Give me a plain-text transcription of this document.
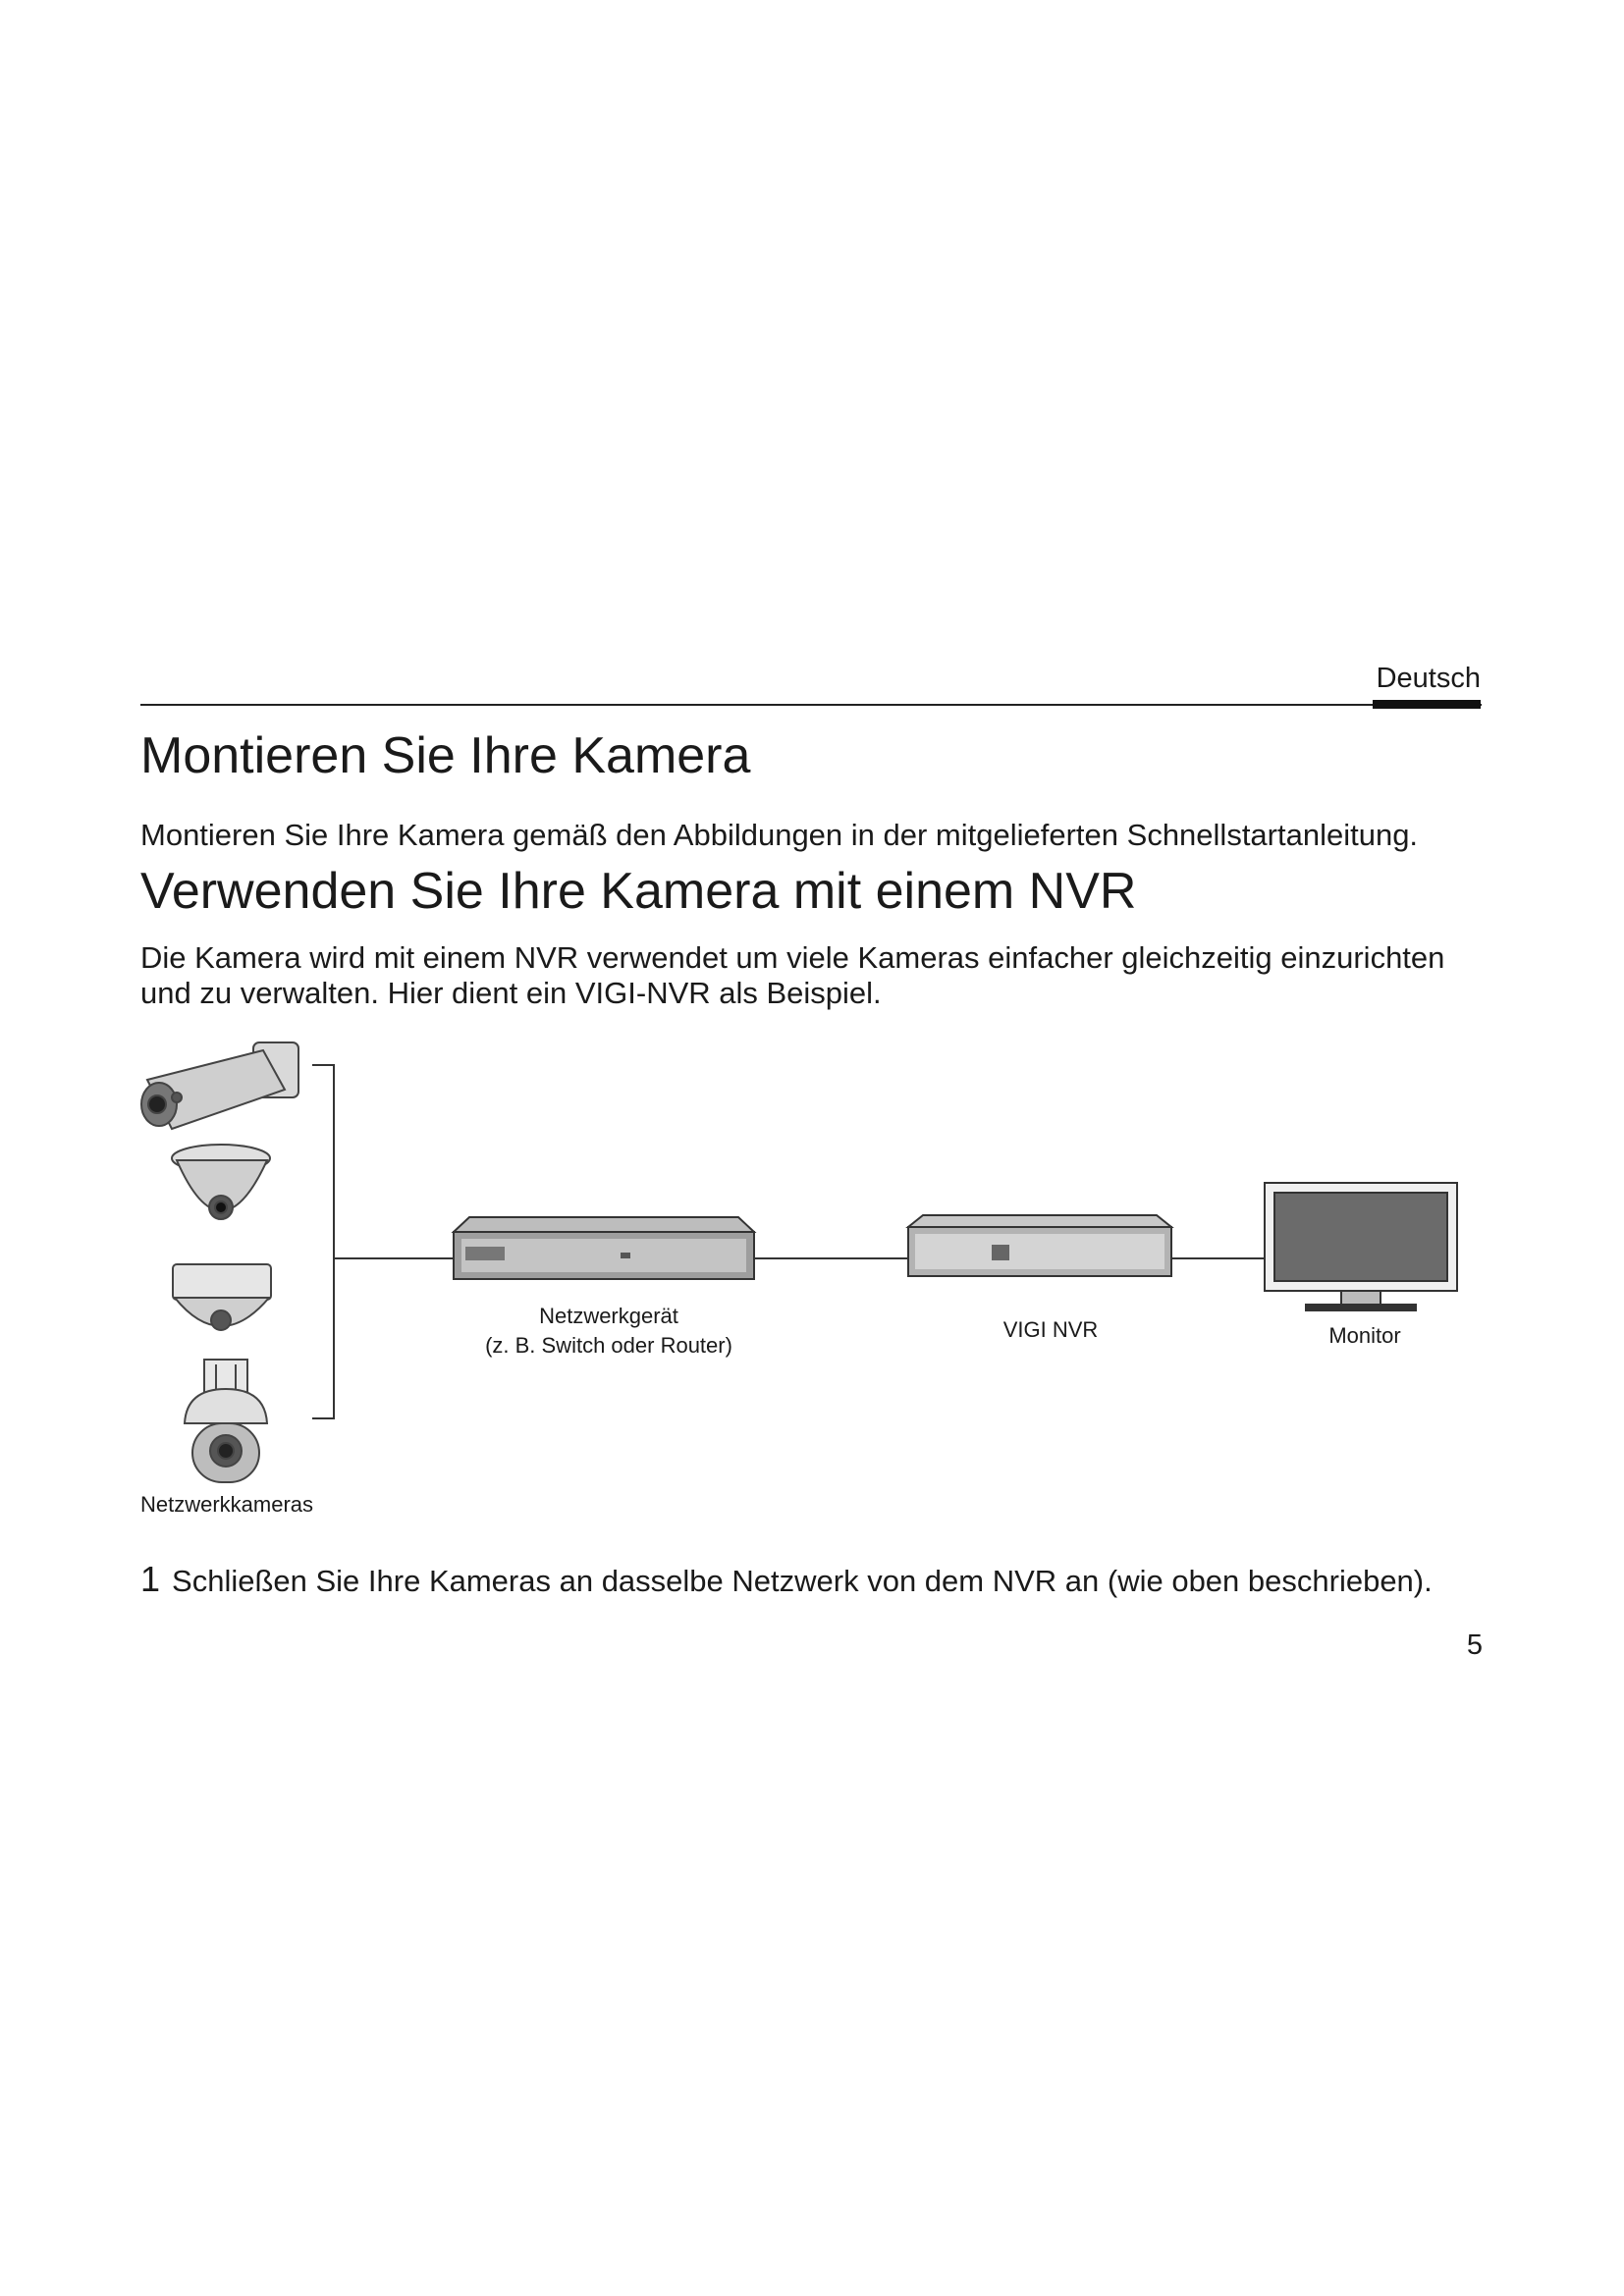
Deutsch
Montieren Sie Ihre Kamera

Montieren Sie Ihre Kamera gemäß den Abbildungen in der mitgelieferten Schnellstartanleitung.

Verwenden Sie Ihre Kamera mit einem NVR

Die Kamera wird mit einem NVR verwendet um viele Kameras einfacher gleichzeitig einzurichten und zu verwalten. Hier dient ein VIGI-NVR als Beispiel.

Netzwerkgerät
(z. B. Switch oder Router)
VIGI NVR	Monitor
Netzwerkkameras
1 Schließen Sie Ihre Kameras an dasselbe Netzwerk von dem NVR an (wie oben beschrieben).
5
